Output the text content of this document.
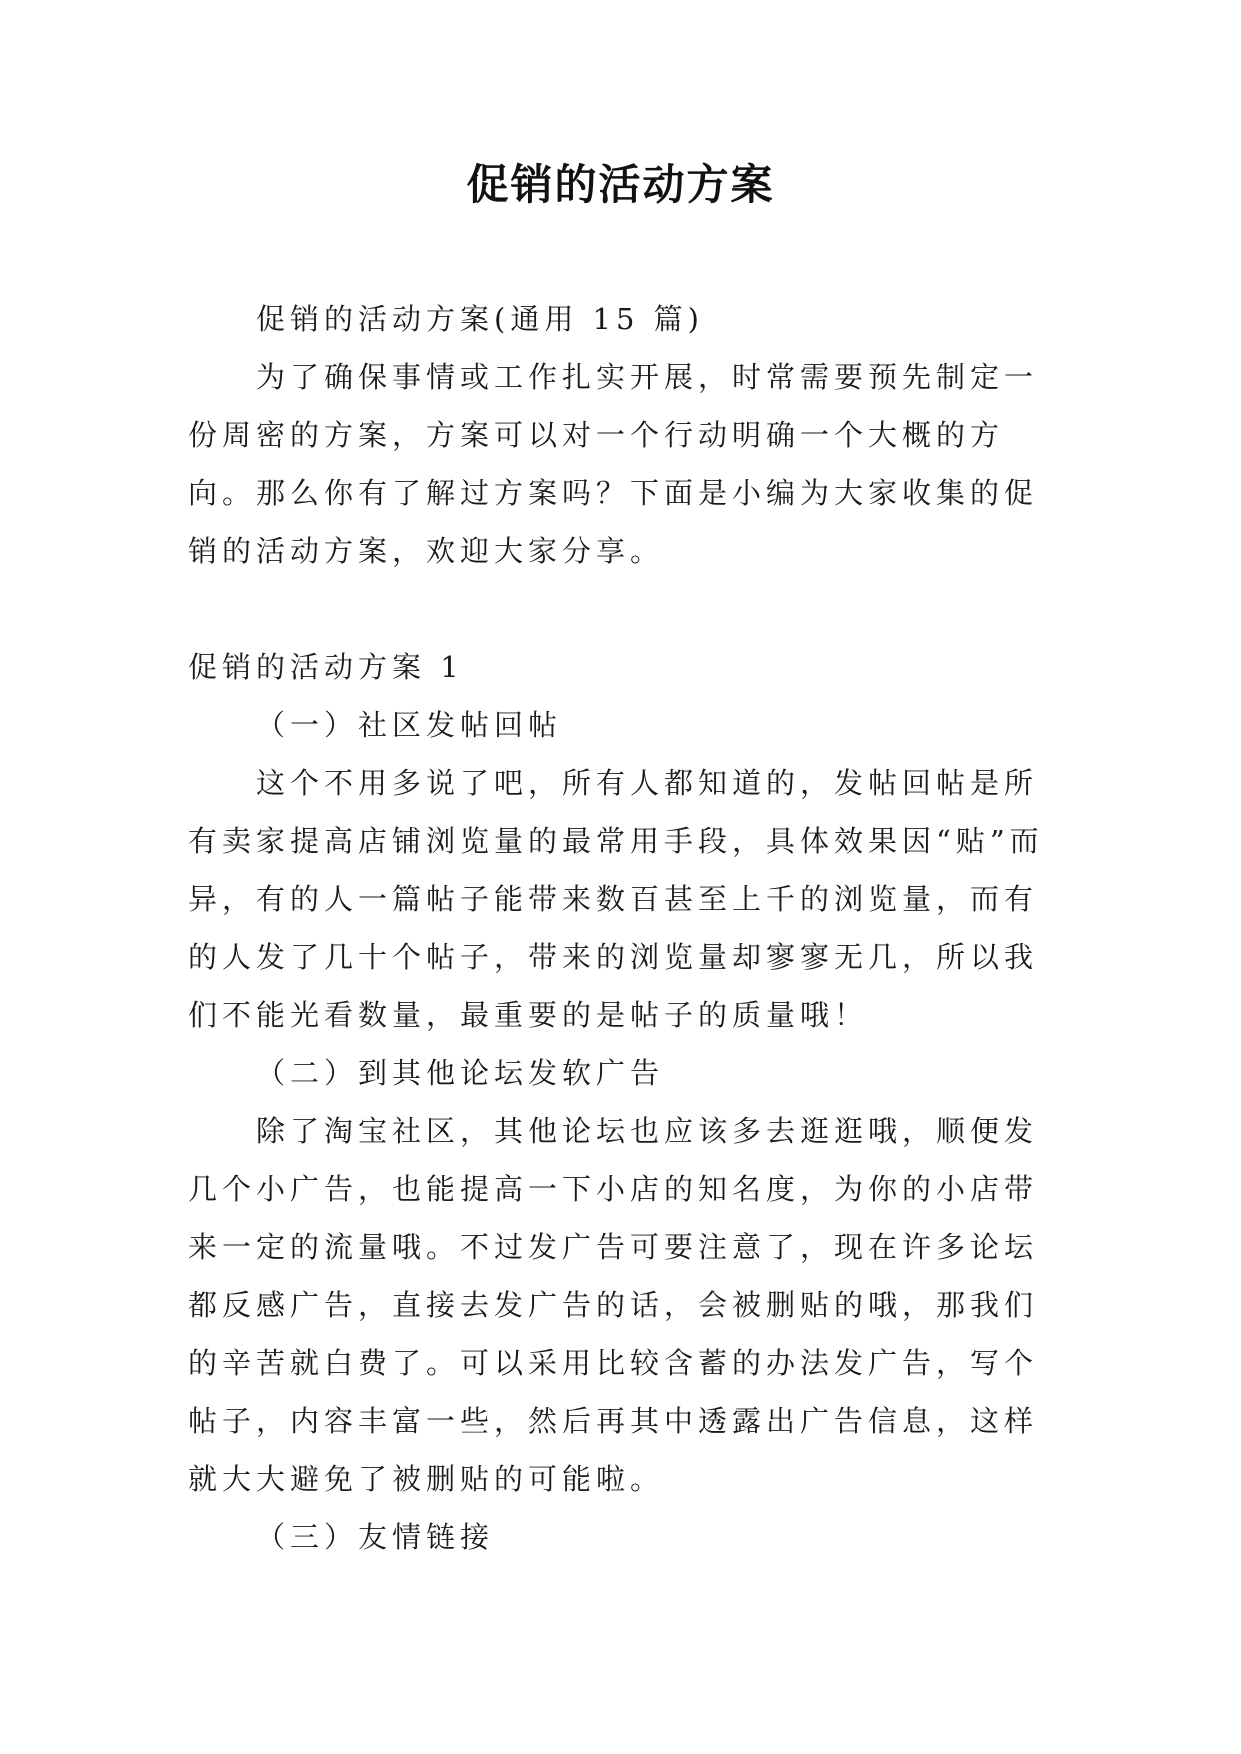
促销的活动方案

促销的活动方案(通用 15 篇)

为了确保事情或工作扎实开展，时常需要预先制定一份周密的方案，方案可以对一个行动明确一个大概的方向。那么你有了解过方案吗？下面是小编为大家收集的促销的活动方案，欢迎大家分享。

促销的活动方案 1

（一）社区发帖回帖

这个不用多说了吧，所有人都知道的，发帖回帖是所有卖家提高店铺浏览量的最常用手段，具体效果因“贴”而异，有的人一篇帖子能带来数百甚至上千的浏览量，而有的人发了几十个帖子，带来的浏览量却寥寥无几，所以我们不能光看数量，最重要的是帖子的质量哦！

（二）到其他论坛发软广告

除了淘宝社区，其他论坛也应该多去逛逛哦，顺便发几个小广告，也能提高一下小店的知名度，为你的小店带来一定的流量哦。不过发广告可要注意了，现在许多论坛都反感广告，直接去发广告的话，会被删贴的哦，那我们的辛苦就白费了。可以采用比较含蓄的办法发广告，写个帖子，内容丰富一些，然后再其中透露出广告信息，这样就大大避免了被删贴的可能啦。

（三）友情链接
